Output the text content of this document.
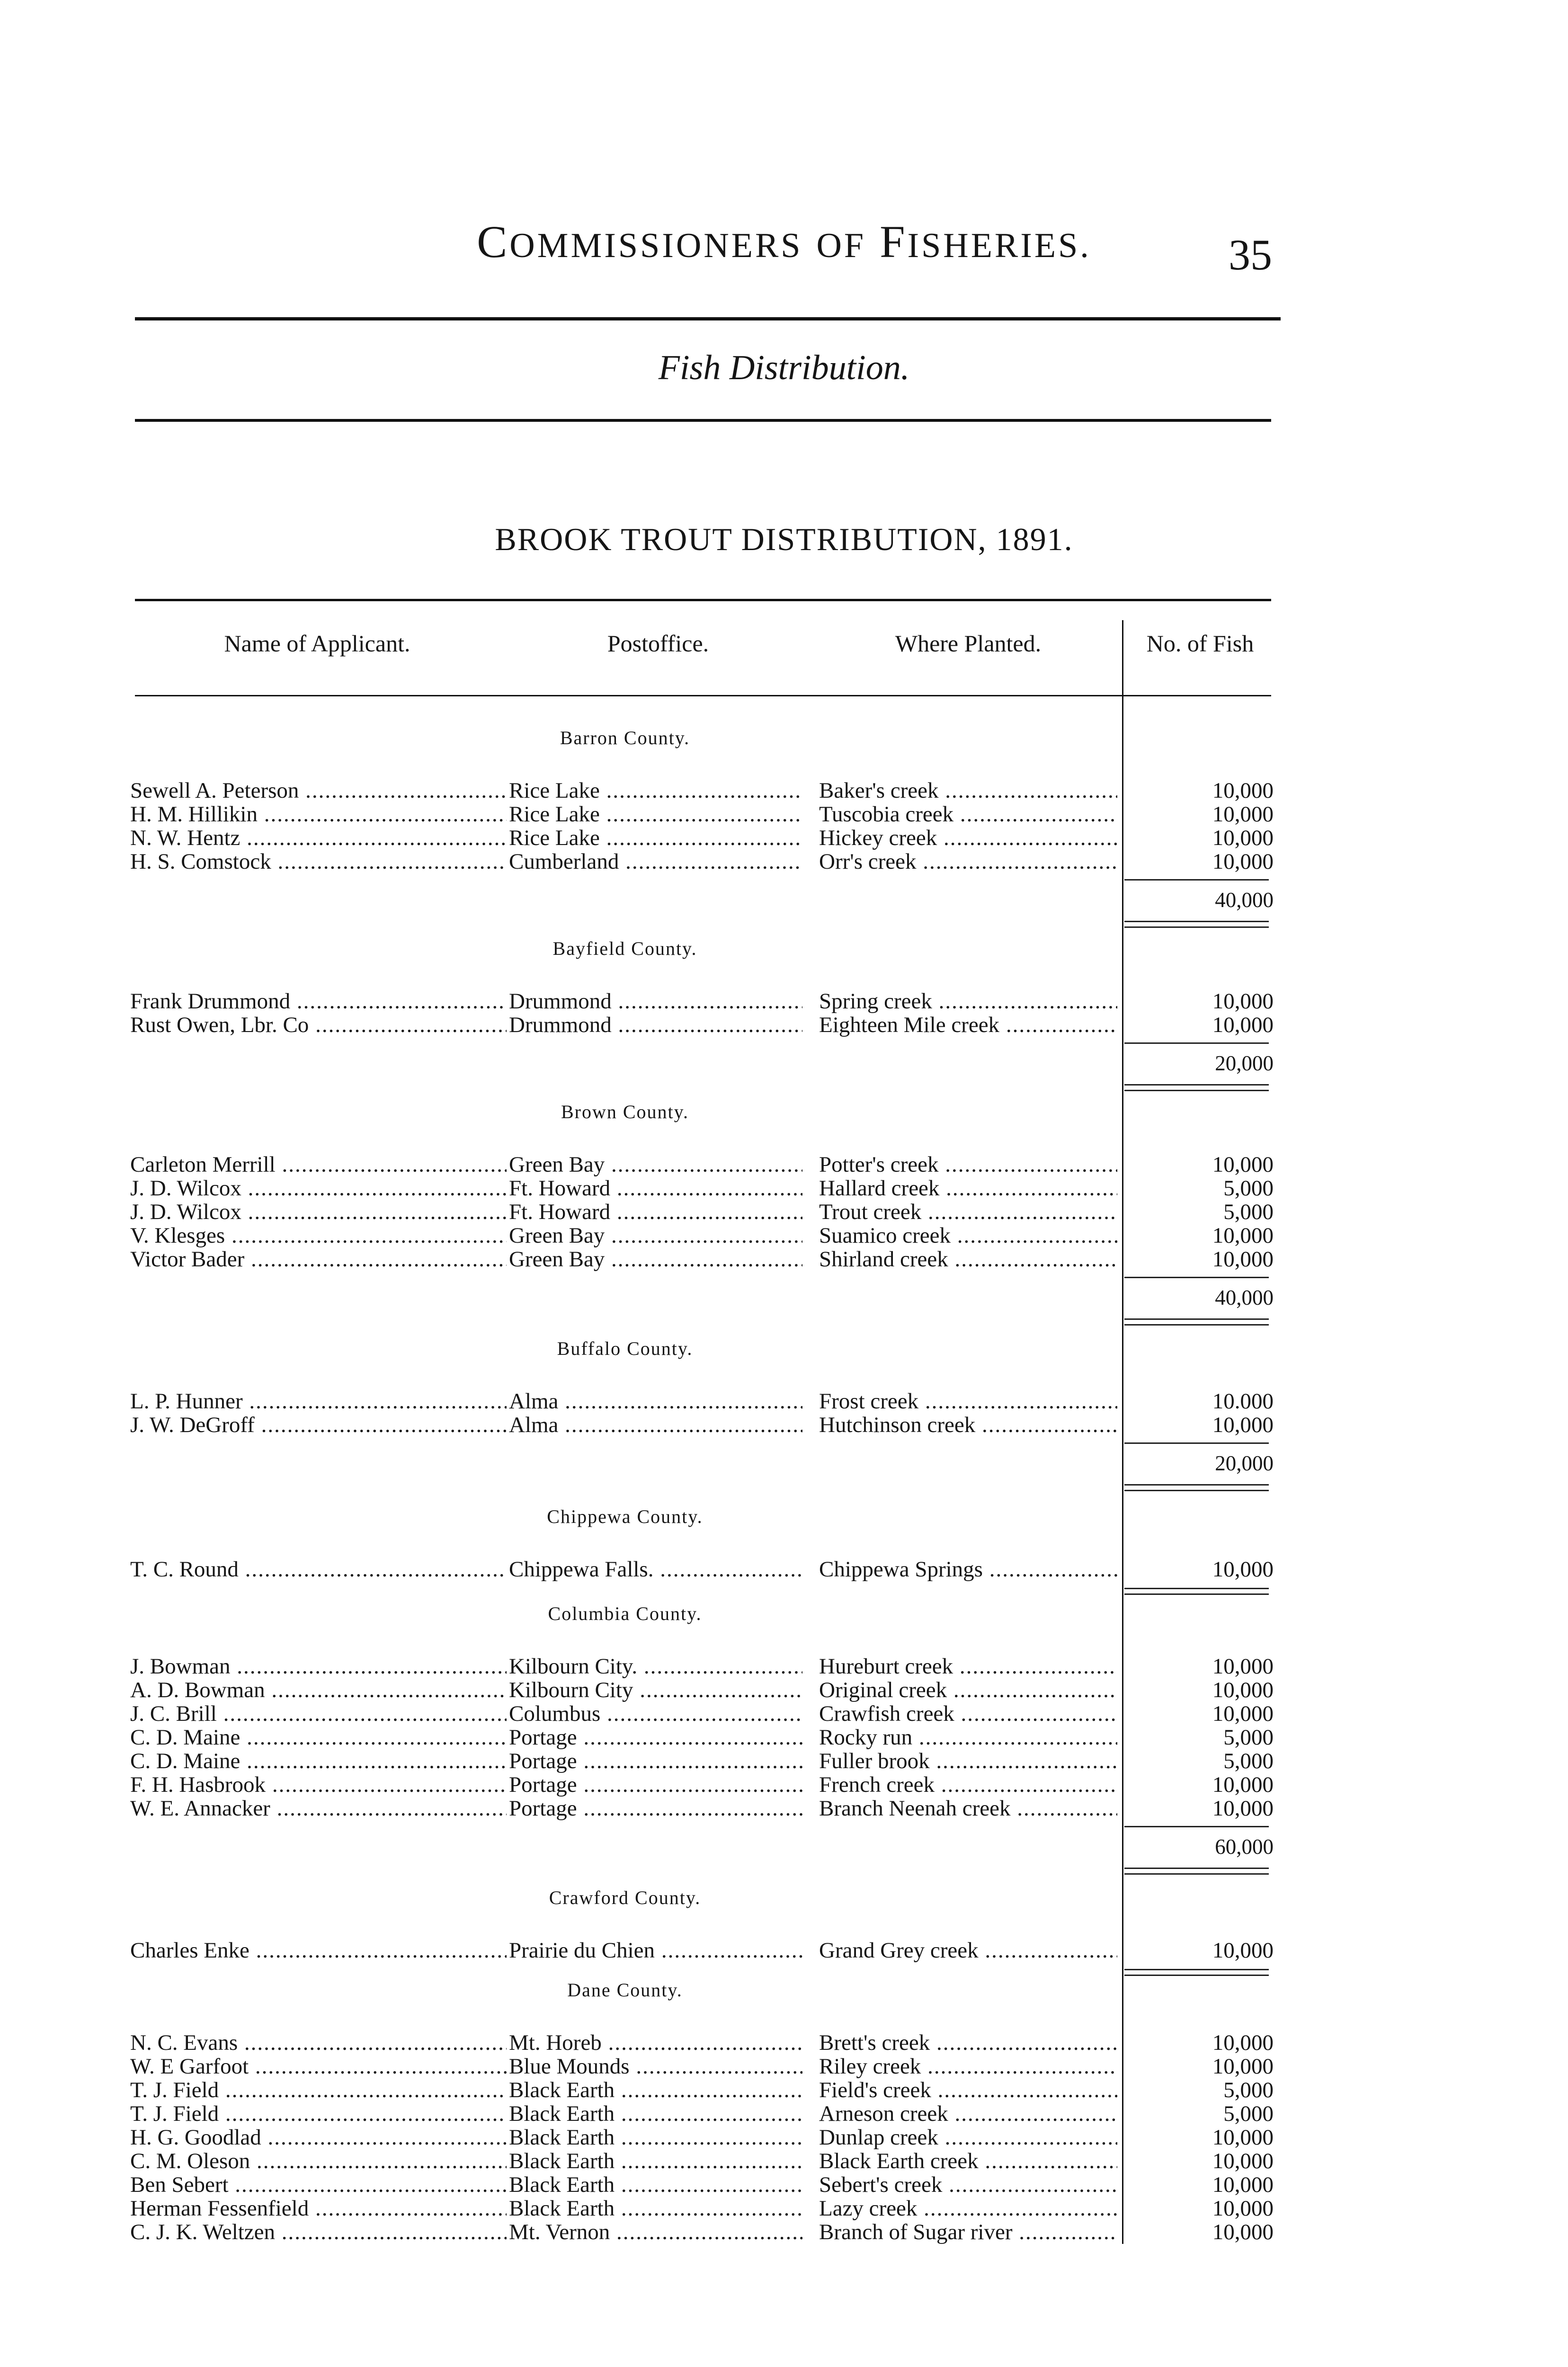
COMMISSIONERS OF FISHERIES.	35
Fish Distribution.
BROOK TROUT DISTRIBUTION, 1891.
Name of Applicant.	Postoffice.	Where Planted.	No. of Fish
Barron County.
Sewell A. Peterson .....	Rice Lake .....	Baker's creek .....	10,000
H. M. Hillikin .....	Rice Lake .....	Tuscobia creek .....	10,000
N. W. Hentz .....	Rice Lake .....	Hickey creek .....	10,000
H. S. Comstock .....	Cumberland .....	Orr's creek .....	10,000
40,000
Bayfield County.
Frank Drummond .....	Drummond .....	Spring creek .....	10,000
Rust Owen, Lbr. Co .....	Drummond .....	Eighteen Mile creek .....	10,000
20,000
Brown County.
Carleton Merrill .....	Green Bay .....	Potter's creek .....	10,000
J. D. Wilcox .....	Ft. Howard .....	Hallard creek .....	5,000
J. D. Wilcox .....	Ft. Howard .....	Trout creek .....	5,000
V. Klesges .....	Green Bay .....	Suamico creek .....	10,000
Victor Bader .....	Green Bay .....	Shirland creek .....	10,000
40,000
Buffalo County.
L. P. Hunner .....	Alma .....	Frost creek .....	10.000
J. W. DeGroff .....	Alma .....	Hutchinson creek .....	10,000
20,000
Chippewa County.
T. C. Round .....	Chippewa Falls. .....	Chippewa Springs .....	10,000
Columbia County.
J. Bowman .....	Kilbourn City. .....	Hureburt creek .....	10,000
A. D. Bowman .....	Kilbourn City .....	Original creek .....	10,000
J. C. Brill .....	Columbus .....	Crawfish creek .....	10,000
C. D. Maine .....	Portage .....	Rocky run .....	5,000
C. D. Maine .....	Portage .....	Fuller brook .....	5,000
F. H. Hasbrook .....	Portage .....	French creek .....	10,000
W. E. Annacker .....	Portage .....	Branch Neenah creek .....	10,000
60,000
Crawford County.
Charles Enke .....	Prairie du Chien .....	Grand Grey creek .....	10,000
Dane County.
N. C. Evans .....	Mt. Horeb .....	Brett's creek .....	10,000
W. E Garfoot .....	Blue Mounds .....	Riley creek .....	10,000
T. J. Field .....	Black Earth .....	Field's creek .....	5,000
T. J. Field .....	Black Earth .....	Arneson creek .....	5,000
H. G. Goodlad .....	Black Earth .....	Dunlap creek .....	10,000
C. M. Oleson .....	Black Earth .....	Black Earth creek .....	10,000
Ben Sebert .....	Black Earth .....	Sebert's creek .....	10,000
Herman Fessenfield .....	Black Earth .....	Lazy creek .....	10,000
C. J. K. Weltzen .....	Mt. Vernon .....	Branch of Sugar river .....	10,000
